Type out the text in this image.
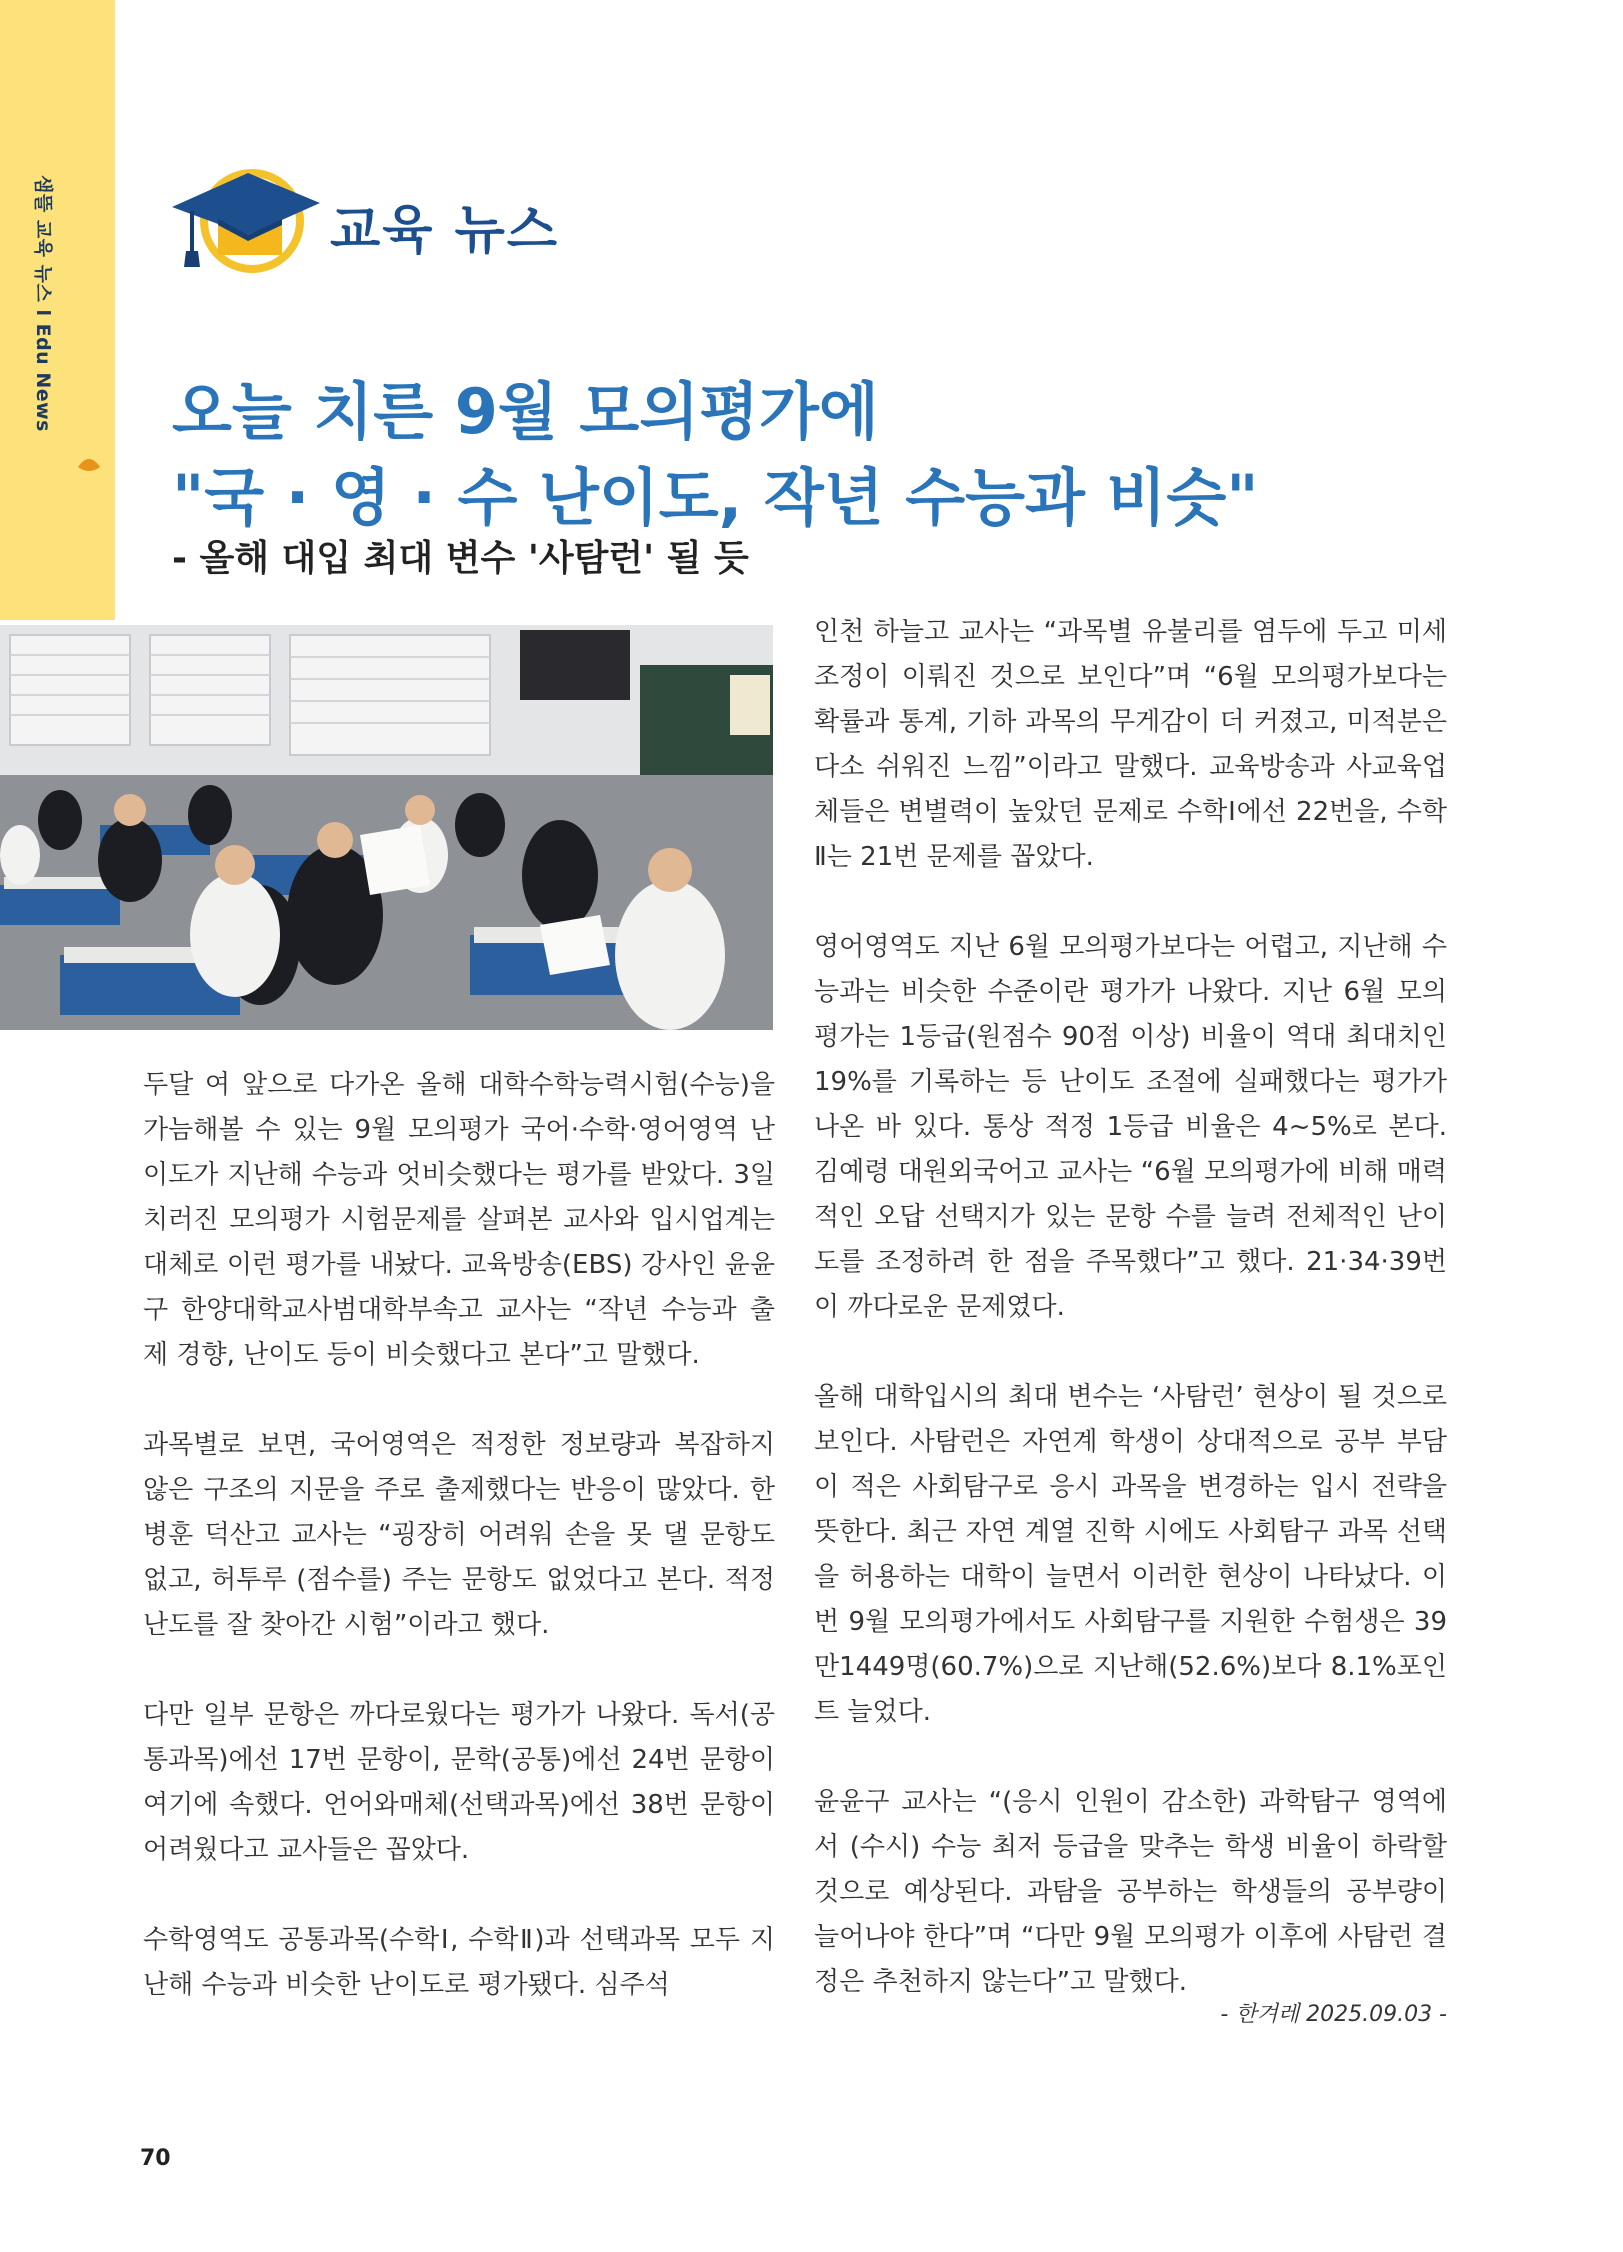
샘뜰 교육 뉴스 l Edu News	교육 뉴스
오늘 치른 9월 모의평가에
"국 · 영 · 수 난이도, 작년 수능과 비슷"
- 올해 대입 최대 변수 '사탐런' 될 듯

두달 여 앞으로 다가온 올해 대학수학능력시험(수능)을 가늠해볼 수 있는 9월 모의평가 국어·수학·영어영역 난이도가 지난해 수능과 엇비슷했다는 평가를 받았다. 3일 치러진 모의평가 시험문제를 살펴본 교사와 입시업계는 대체로 이런 평가를 내놨다. 교육방송(EBS) 강사인 윤윤구 한양대학교사범대학부속고 교사는 “작년 수능과 출제 경향, 난이도 등이 비슷했다고 본다”고 말했다.

과목별로 보면, 국어영역은 적정한 정보량과 복잡하지 않은 구조의 지문을 주로 출제했다는 반응이 많았다. 한병훈 덕산고 교사는 “굉장히 어려워 손을 못 댈 문항도 없고, 허투루 (점수를) 주는 문항도 없었다고 본다. 적정 난도를 잘 찾아간 시험”이라고 했다.

다만 일부 문항은 까다로웠다는 평가가 나왔다. 독서(공통과목)에선 17번 문항이, 문학(공통)에선 24번 문항이 여기에 속했다. 언어와매체(선택과목)에선 38번 문항이 어려웠다고 교사들은 꼽았다.

수학영역도 공통과목(수학Ⅰ, 수학Ⅱ)과 선택과목 모두 지난해 수능과 비슷한 난이도로 평가됐다. 심주석

인천 하늘고 교사는 “과목별 유불리를 염두에 두고 미세조정이 이뤄진 것으로 보인다”며 “6월 모의평가보다는 확률과 통계, 기하 과목의 무게감이 더 커졌고, 미적분은 다소 쉬워진 느낌”이라고 말했다. 교육방송과 사교육업체들은 변별력이 높았던 문제로 수학Ⅰ에선 22번을, 수학Ⅱ는 21번 문제를 꼽았다.

영어영역도 지난 6월 모의평가보다는 어렵고, 지난해 수능과는 비슷한 수준이란 평가가 나왔다. 지난 6월 모의평가는 1등급(원점수 90점 이상) 비율이 역대 최대치인 19%를 기록하는 등 난이도 조절에 실패했다는 평가가 나온 바 있다. 통상 적정 1등급 비율은 4~5%로 본다. 김예령 대원외국어고 교사는 “6월 모의평가에 비해 매력적인 오답 선택지가 있는 문항 수를 늘려 전체적인 난이도를 조정하려 한 점을 주목했다”고 했다. 21·34·39번이 까다로운 문제였다.

올해 대학입시의 최대 변수는 ‘사탐런’ 현상이 될 것으로 보인다. 사탐런은 자연계 학생이 상대적으로 공부 부담이 적은 사회탐구로 응시 과목을 변경하는 입시 전략을 뜻한다. 최근 자연 계열 진학 시에도 사회탐구 과목 선택을 허용하는 대학이 늘면서 이러한 현상이 나타났다. 이번 9월 모의평가에서도 사회탐구를 지원한 수험생은 39만1449명(60.7%)으로 지난해(52.6%)보다 8.1%포인트 늘었다.

윤윤구 교사는 “(응시 인원이 감소한) 과학탐구 영역에서 (수시) 수능 최저 등급을 맞추는 학생 비율이 하락할 것으로 예상된다. 과탐을 공부하는 학생들의 공부량이 늘어나야 한다”며 “다만 9월 모의평가 이후에 사탐런 결정은 추천하지 않는다”고 말했다.

- 한겨레 2025.09.03 -
70
